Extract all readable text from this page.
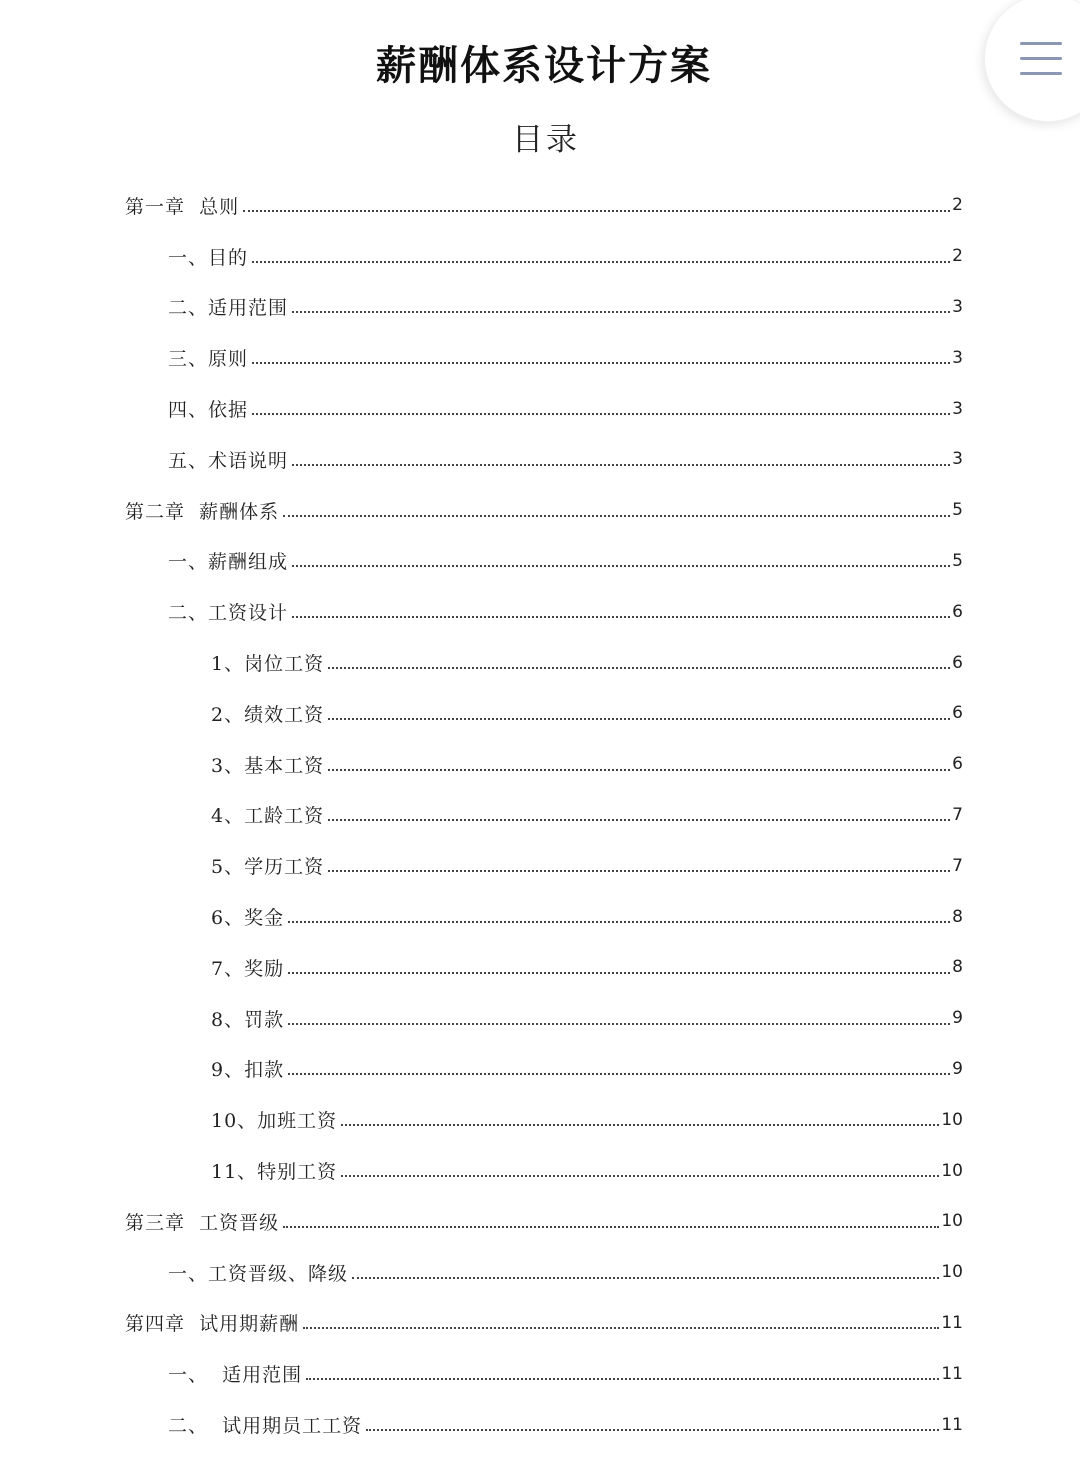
薪酬体系设计方案
目录
第一章  总则	2
一、目的	2
二、适用范围	3
三、原则	3
四、依据	3
五、术语说明	3
第二章  薪酬体系	5
一、薪酬组成	5
二、工资设计	6
1、岗位工资	6
2、绩效工资	6
3、基本工资	6
4、工龄工资	7
5、学历工资	7
6、奖金	8
7、奖励	8
8、罚款	9
9、扣款	9
10、加班工资	10
11、特别工资	10
第三章  工资晋级	10
一、工资晋级、降级	10
第四章  试用期薪酬	11
一、  适用范围	11
二、  试用期员工工资	11
